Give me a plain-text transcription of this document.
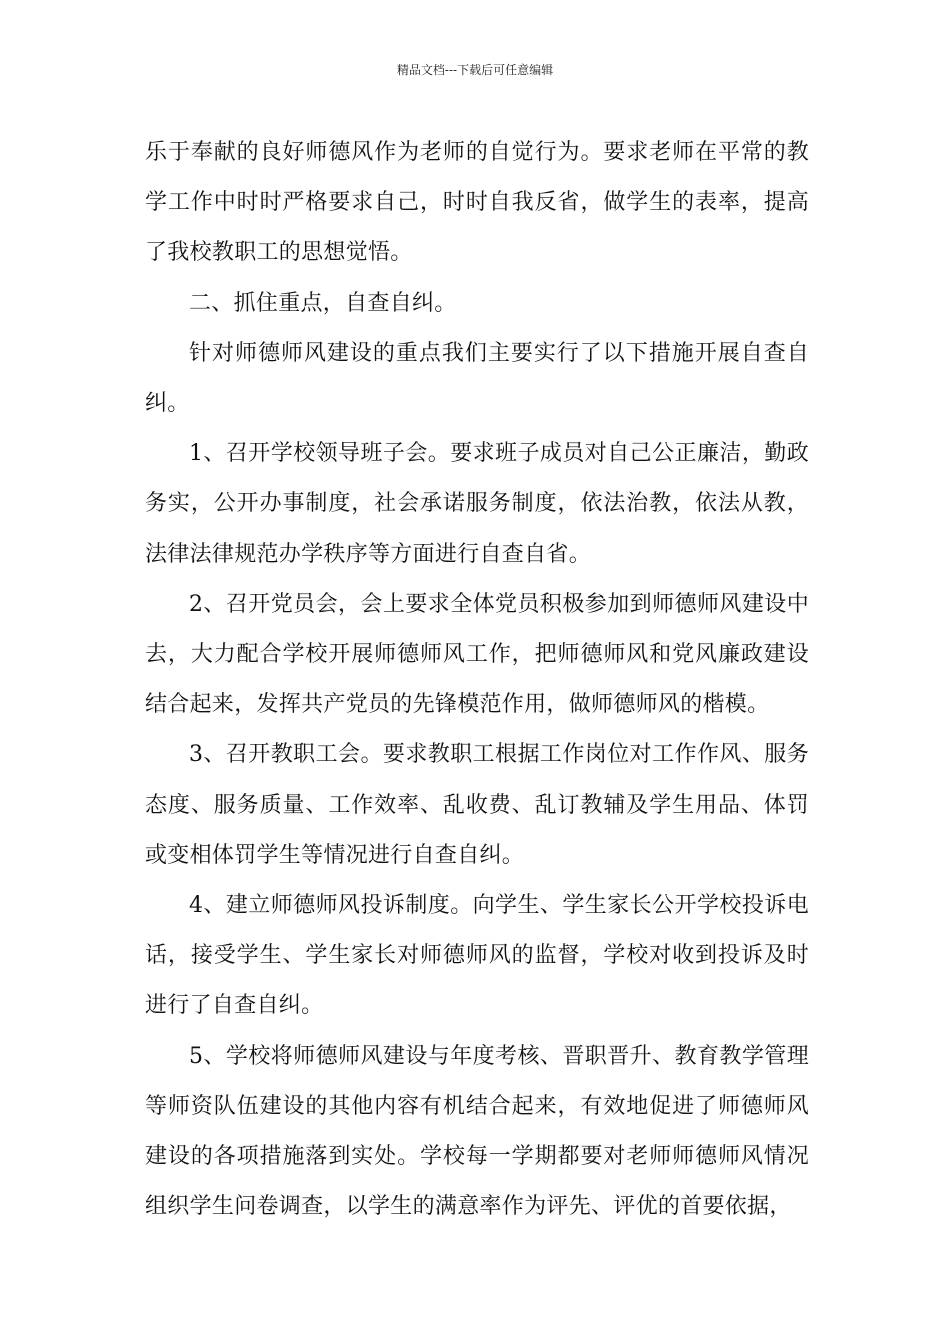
精品文档---下载后可任意编辑

乐于奉献的良好师德风作为老师的自觉行为。要求老师在平常的教学工作中时时严格要求自己，时时自我反省，做学生的表率，提高了我校教职工的思想觉悟。

二、抓住重点，自查自纠。

针对师德师风建设的重点我们主要实行了以下措施开展自查自纠。

1、召开学校领导班子会。要求班子成员对自己公正廉洁，勤政务实，公开办事制度，社会承诺服务制度，依法治教，依法从教，法律法律规范办学秩序等方面进行自查自省。

2、召开党员会，会上要求全体党员积极参加到师德师风建设中去，大力配合学校开展师德师风工作，把师德师风和党风廉政建设结合起来，发挥共产党员的先锋模范作用，做师德师风的楷模。

3、召开教职工会。要求教职工根据工作岗位对工作作风、服务态度、服务质量、工作效率、乱收费、乱订教辅及学生用品、体罚或变相体罚学生等情况进行自查自纠。

4、建立师德师风投诉制度。向学生、学生家长公开学校投诉电话，接受学生、学生家长对师德师风的监督，学校对收到投诉及时进行了自查自纠。

5、学校将师德师风建设与年度考核、晋职晋升、教育教学管理等师资队伍建设的其他内容有机结合起来，有效地促进了师德师风建设的各项措施落到实处。学校每一学期都要对老师师德师风情况组织学生问卷调查，以学生的满意率作为评先、评优的首要依据，
